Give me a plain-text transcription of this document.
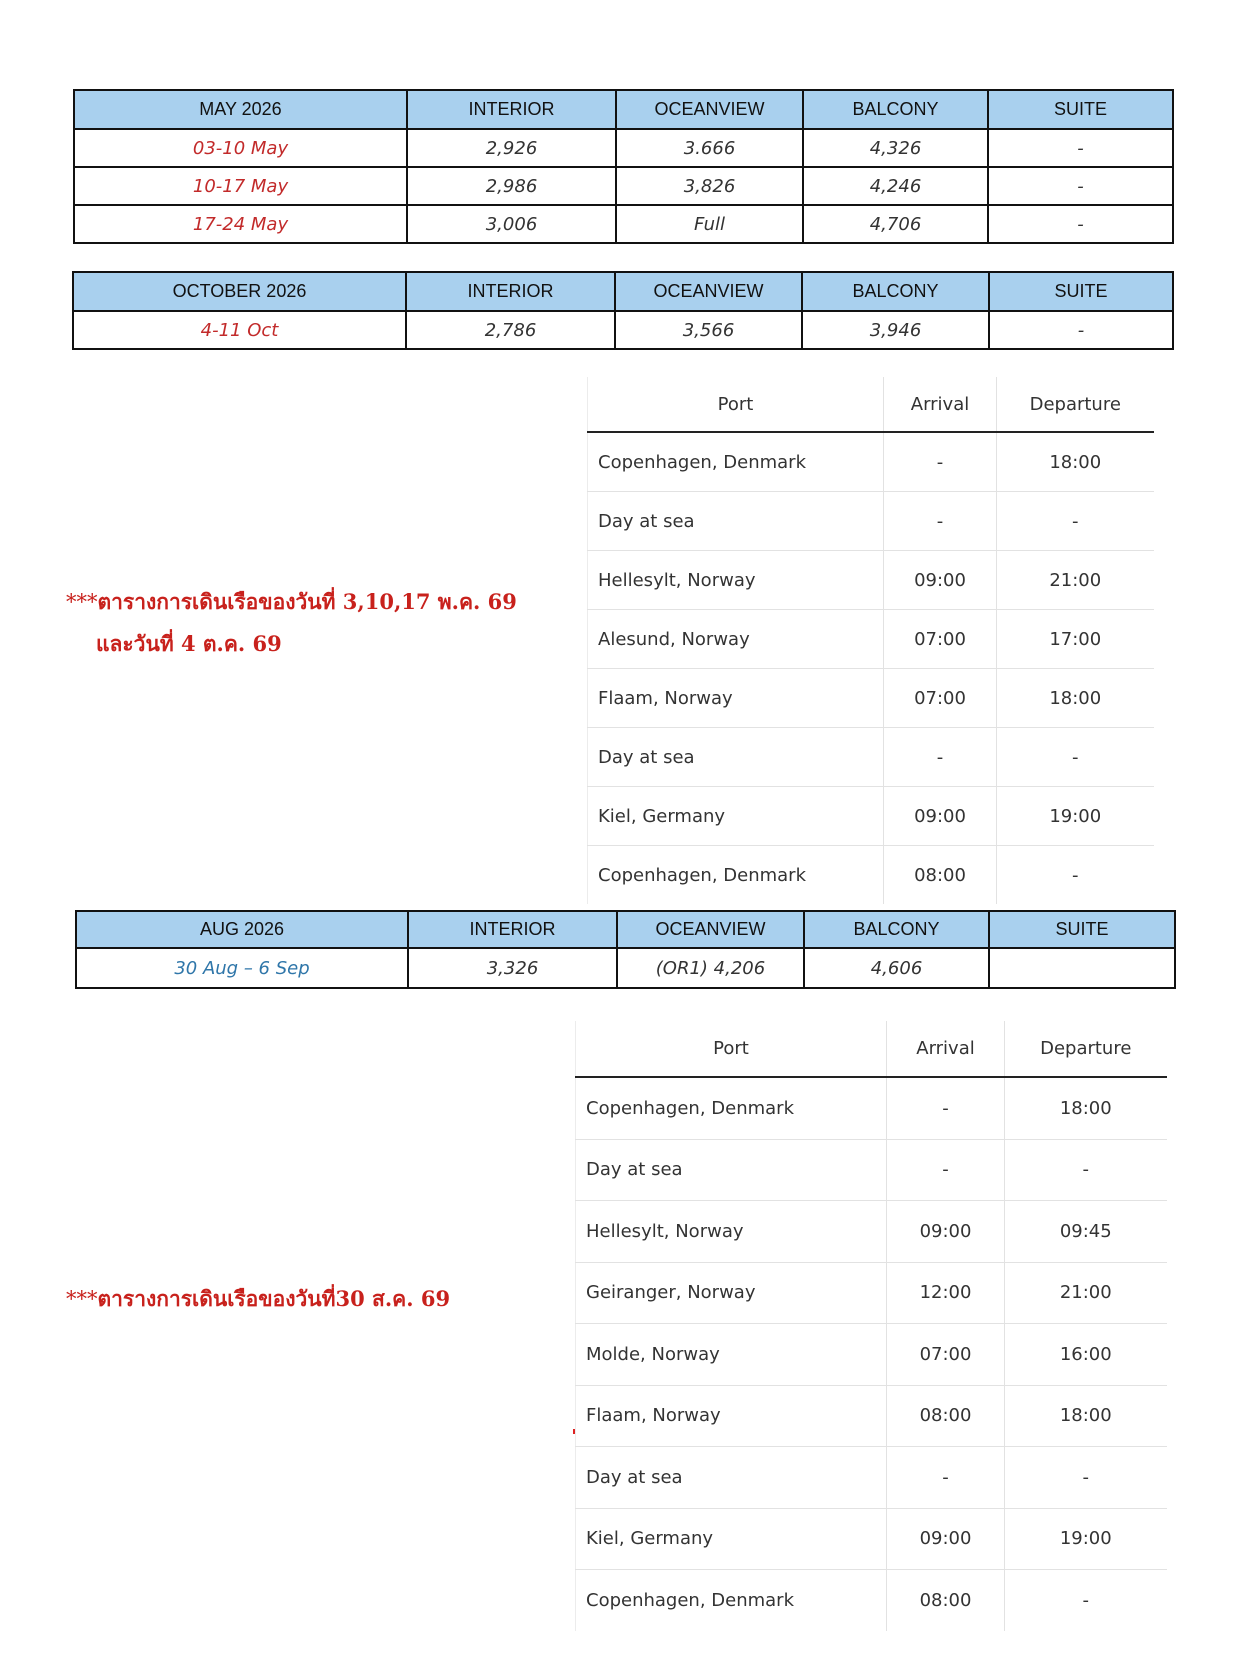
MAY 2026	INTERIOR	OCEANVIEW	BALCONY	SUITE
03-10 May	2,926	3.666	4,326	-
10-17 May	2,986	3,826	4,246	-
17-24 May	3,006	Full	4,706	-
OCTOBER 2026	INTERIOR	OCEANVIEW	BALCONY	SUITE
4-11 Oct	2,786	3,566	3,946	-
***ตารางการเดินเรือของวันที่ 3,10,17 พ.ค. 69
และวันที่ 4 ต.ค. 69
Port	Arrival	Departure
Copenhagen, Denmark	-	18:00
Day at sea	-	-
Hellesylt, Norway	09:00	21:00
Alesund, Norway	07:00	17:00
Flaam, Norway	07:00	18:00
Day at sea	-	-
Kiel, Germany	09:00	19:00
Copenhagen, Denmark	08:00	-
AUG 2026	INTERIOR	OCEANVIEW	BALCONY	SUITE
30 Aug – 6 Sep	3,326	(OR1) 4,206	4,606	
***ตารางการเดินเรือของวันที่30 ส.ค. 69
Port	Arrival	Departure
Copenhagen, Denmark	-	18:00
Day at sea	-	-
Hellesylt, Norway	09:00	09:45
Geiranger, Norway	12:00	21:00
Molde, Norway	07:00	16:00
Flaam, Norway	08:00	18:00
Day at sea	-	-
Kiel, Germany	09:00	19:00
Copenhagen, Denmark	08:00	-
